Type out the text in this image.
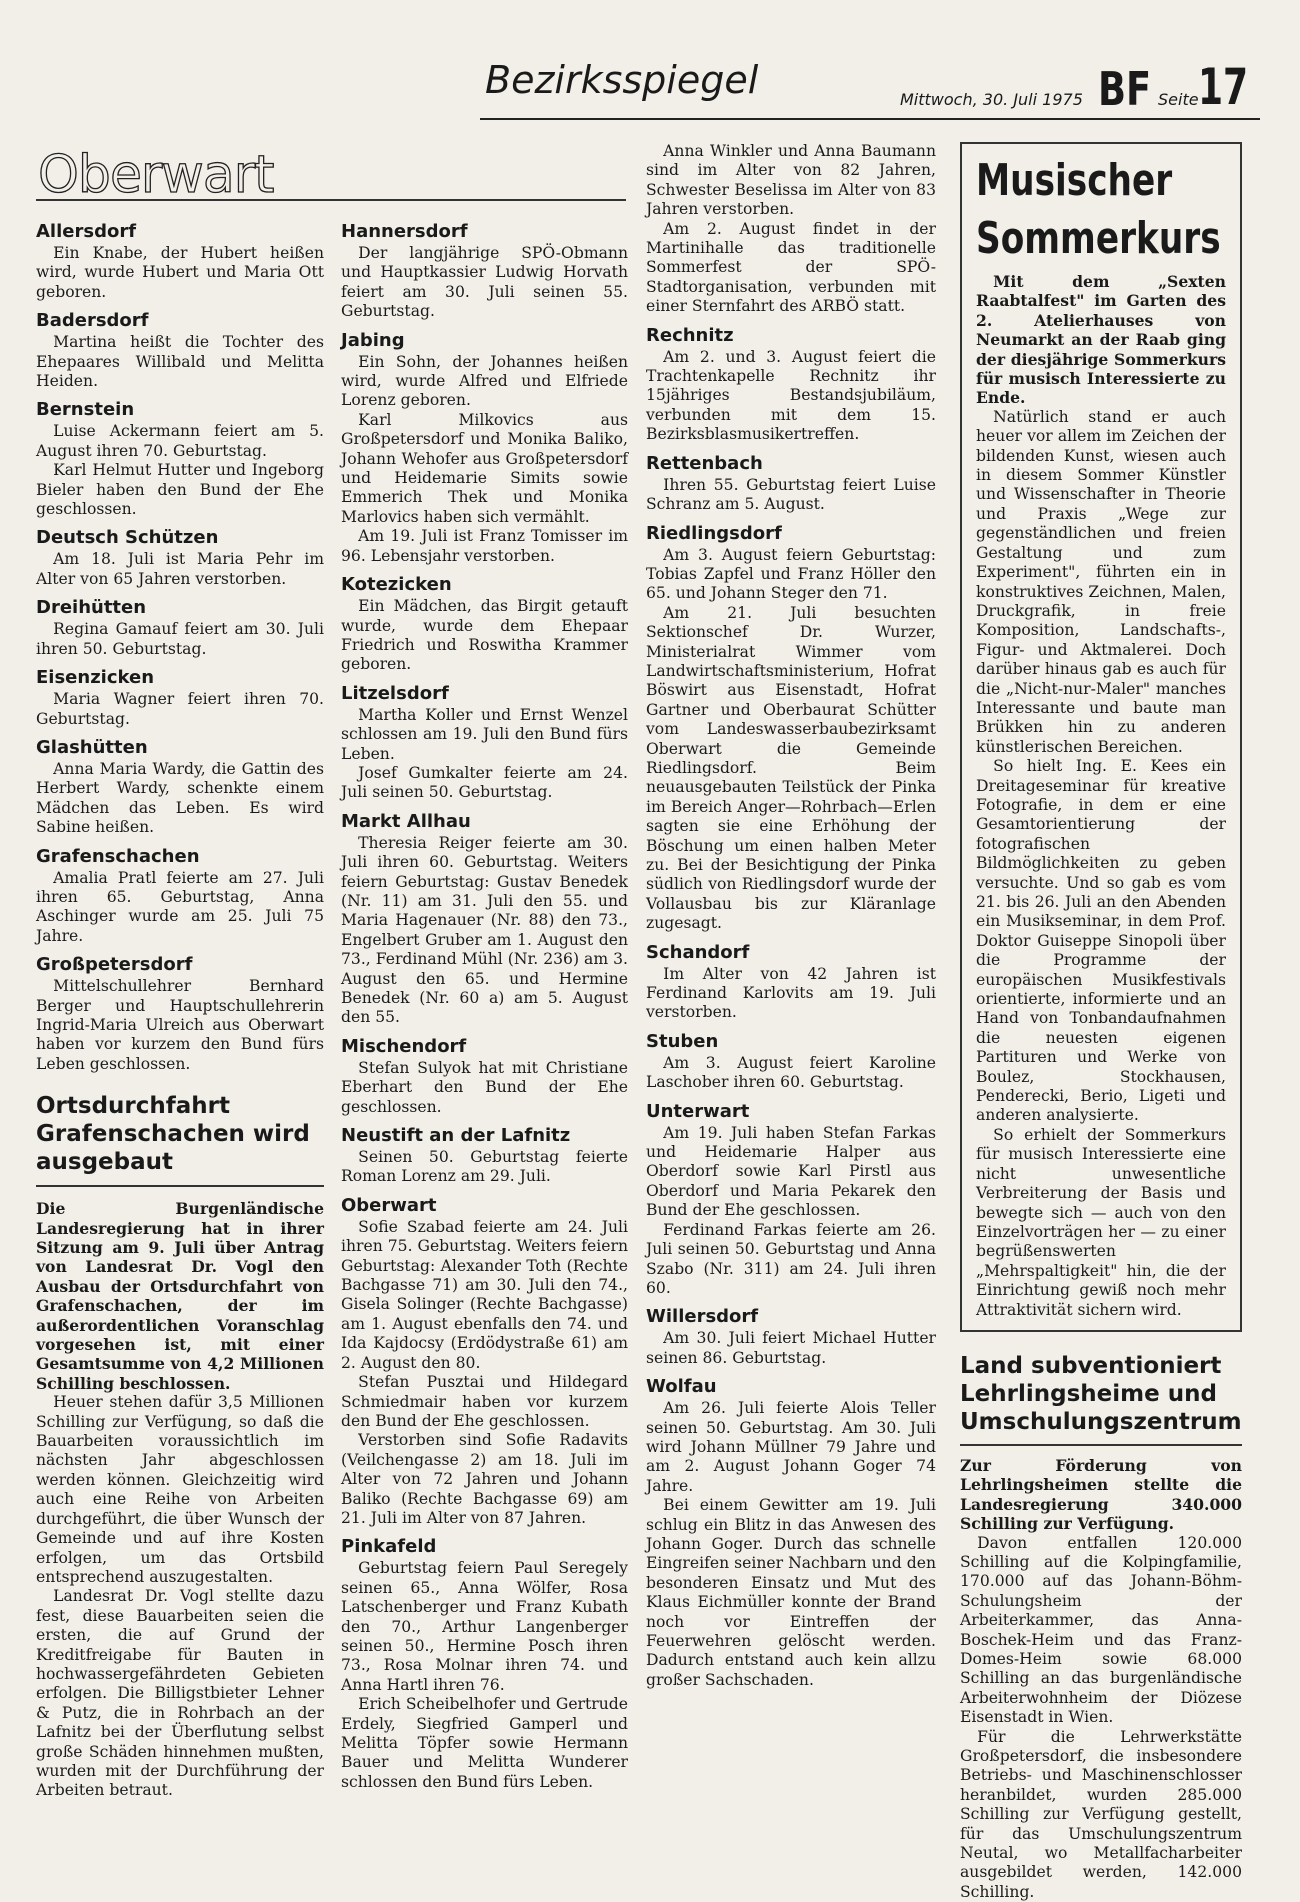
Bezirksspiegel	Mittwoch, 30. Juli 1975 BF Seite 17
Oberwart
Allersdorf

Ein Knabe, der Hubert heißen wird, wurde Hubert und Maria Ott geboren.

Badersdorf

Martina heißt die Tochter des Ehepaares Willibald und Melitta Heiden.

Bernstein

Luise Ackermann feiert am 5. August ihren 70. Geburtstag.

Karl Helmut Hutter und Ingeborg Bieler haben den Bund der Ehe geschlossen.

Deutsch Schützen

Am 18. Juli ist Maria Pehr im Alter von 65 Jahren verstorben.

Dreihütten

Regina Gamauf feiert am 30. Juli ihren 50. Geburtstag.

Eisenzicken

Maria Wagner feiert ihren 70. Geburtstag.

Glashütten

Anna Maria Wardy, die Gattin des Herbert Wardy, schenkte einem Mädchen das Leben. Es wird Sabine heißen.

Grafenschachen

Amalia Pratl feierte am 27. Juli ihren 65. Geburtstag, Anna Aschinger wurde am 25. Juli 75 Jahre.

Großpetersdorf

Mittelschullehrer Bernhard Berger und Hauptschullehrerin Ingrid-Maria Ulreich aus Oberwart haben vor kurzem den Bund fürs Leben geschlossen.

Ortsdurchfahrt Grafenschachen wird ausgebaut

Die Burgenländische Landesregierung hat in ihrer Sitzung am 9. Juli über Antrag von Landesrat Dr. Vogl den Ausbau der Ortsdurchfahrt von Grafenschachen, der im außerordentlichen Voranschlag vorgesehen ist, mit einer Gesamtsumme von 4,2 Millionen Schilling beschlossen.

Heuer stehen dafür 3,5 Millionen Schilling zur Verfügung, so daß die Bauarbeiten voraussichtlich im nächsten Jahr abgeschlossen werden können. Gleichzeitig wird auch eine Reihe von Arbeiten durchgeführt, die über Wunsch der Gemeinde und auf ihre Kosten erfolgen, um das Ortsbild entsprechend auszugestalten.

Landesrat Dr. Vogl stellte dazu fest, diese Bauarbeiten seien die ersten, die auf Grund der Kreditfreigabe für Bauten in hochwassergefährdeten Gebieten erfolgen. Die Billigstbieter Lehner & Putz, die in Rohrbach an der Lafnitz bei der Überflutung selbst große Schäden hinnehmen mußten, wurden mit der Durchführung der Arbeiten betraut.

Hannersdorf

Der langjährige SPÖ-Obmann und Hauptkassier Ludwig Horvath feiert am 30. Juli seinen 55. Geburtstag.

Jabing

Ein Sohn, der Johannes heißen wird, wurde Alfred und Elfriede Lorenz geboren.

Karl Milkovics aus Großpetersdorf und Monika Baliko, Johann Wehofer aus Großpetersdorf und Heidemarie Simits sowie Emmerich Thek und Monika Marlovics haben sich vermählt.

Am 19. Juli ist Franz Tomisser im 96. Lebensjahr verstorben.

Kotezicken

Ein Mädchen, das Birgit getauft wurde, wurde dem Ehepaar Friedrich und Roswitha Krammer geboren.

Litzelsdorf

Martha Koller und Ernst Wenzel schlossen am 19. Juli den Bund fürs Leben.

Josef Gumkalter feierte am 24. Juli seinen 50. Geburtstag.

Markt Allhau

Theresia Reiger feierte am 30. Juli ihren 60. Geburtstag. Weiters feiern Geburtstag: Gustav Benedek (Nr. 11) am 31. Juli den 55. und Maria Hagenauer (Nr. 88) den 73., Engelbert Gruber am 1. August den 73., Ferdinand Mühl (Nr. 236) am 3. August den 65. und Hermine Benedek (Nr. 60 a) am 5. August den 55.

Mischendorf

Stefan Sulyok hat mit Christiane Eberhart den Bund der Ehe geschlossen.

Neustift an der Lafnitz

Seinen 50. Geburtstag feierte Roman Lorenz am 29. Juli.

Oberwart

Sofie Szabad feierte am 24. Juli ihren 75. Geburtstag. Weiters feiern Geburtstag: Alexander Toth (Rechte Bachgasse 71) am 30. Juli den 74., Gisela Solinger (Rechte Bachgasse) am 1. August ebenfalls den 74. und Ida Kajdocsy (Erdödystraße 61) am 2. August den 80.

Stefan Pusztai und Hildegard Schmiedmair haben vor kurzem den Bund der Ehe geschlossen.

Verstorben sind Sofie Radavits (Veilchengasse 2) am 18. Juli im Alter von 72 Jahren und Johann Baliko (Rechte Bachgasse 69) am 21. Juli im Alter von 87 Jahren.

Pinkafeld

Geburtstag feiern Paul Seregely seinen 65., Anna Wölfer, Rosa Latschenberger und Franz Kubath den 70., Arthur Langenberger seinen 50., Hermine Posch ihren 73., Rosa Molnar ihren 74. und Anna Hartl ihren 76.

Erich Scheibelhofer und Gertrude Erdely, Siegfried Gamperl und Melitta Töpfer sowie Hermann Bauer und Melitta Wunderer schlossen den Bund fürs Leben.

Anna Winkler und Anna Baumann sind im Alter von 82 Jahren, Schwester Beselissa im Alter von 83 Jahren verstorben.

Am 2. August findet in der Martinihalle das traditionelle Sommerfest der SPÖ-Stadtorganisation, verbunden mit einer Sternfahrt des ARBÖ statt.

Rechnitz

Am 2. und 3. August feiert die Trachtenkapelle Rechnitz ihr 15jähriges Bestandsjubiläum, verbunden mit dem 15. Bezirksblasmusikertreffen.

Rettenbach

Ihren 55. Geburtstag feiert Luise Schranz am 5. August.

Riedlingsdorf

Am 3. August feiern Geburtstag: Tobias Zapfel und Franz Höller den 65. und Johann Steger den 71.

Am 21. Juli besuchten Sektionschef Dr. Wurzer, Ministerialrat Wimmer vom Landwirtschaftsministerium, Hofrat Böswirt aus Eisenstadt, Hofrat Gartner und Oberbaurat Schütter vom Landeswasserbaubezirksamt Oberwart die Gemeinde Riedlingsdorf. Beim neuausgebauten Teilstück der Pinka im Bereich Anger—Rohrbach—Erlen sagten sie eine Erhöhung der Böschung um einen halben Meter zu. Bei der Besichtigung der Pinka südlich von Riedlingsdorf wurde der Vollausbau bis zur Kläranlage zugesagt.

Schandorf

Im Alter von 42 Jahren ist Ferdinand Karlovits am 19. Juli verstorben.

Stuben

Am 3. August feiert Karoline Laschober ihren 60. Geburtstag.

Unterwart

Am 19. Juli haben Stefan Farkas und Heidemarie Halper aus Oberdorf sowie Karl Pirstl aus Oberdorf und Maria Pekarek den Bund der Ehe geschlossen.

Ferdinand Farkas feierte am 26. Juli seinen 50. Geburtstag und Anna Szabo (Nr. 311) am 24. Juli ihren 60.

Willersdorf

Am 30. Juli feiert Michael Hutter seinen 86. Geburtstag.

Wolfau

Am 26. Juli feierte Alois Teller seinen 50. Geburtstag. Am 30. Juli wird Johann Müllner 79 Jahre und am 2. August Johann Goger 74 Jahre.

Bei einem Gewitter am 19. Juli schlug ein Blitz in das Anwesen des Johann Goger. Durch das schnelle Eingreifen seiner Nachbarn und den besonderen Einsatz und Mut des Klaus Eichmüller konnte der Brand noch vor Eintreffen der Feuerwehren gelöscht werden. Dadurch entstand auch kein allzu großer Sachschaden.

Musischer
Sommerkurs

Mit dem „Sexten Raabtalfest" im Garten des 2. Atelierhauses von Neumarkt an der Raab ging der diesjährige Sommerkurs für musisch Interessierte zu Ende.

Natürlich stand er auch heuer vor allem im Zeichen der bildenden Kunst, wiesen auch in diesem Sommer Künstler und Wissenschafter in Theorie und Praxis „Wege zur gegenständlichen und freien Gestaltung und zum Experiment", führten ein in konstruktives Zeichnen, Malen, Druckgrafik, in freie Komposition, Landschafts-, Figur- und Aktmalerei. Doch darüber hinaus gab es auch für die „Nicht-nur-Maler" manches Interessante und baute man Brükken hin zu anderen künstlerischen Bereichen.

So hielt Ing. E. Kees ein Dreitageseminar für kreative Fotografie, in dem er eine Gesamtorientierung der fotografischen Bildmöglichkeiten zu geben versuchte. Und so gab es vom 21. bis 26. Juli an den Abenden ein Musikseminar, in dem Prof. Doktor Guiseppe Sinopoli über die Programme der europäischen Musikfestivals orientierte, informierte und an Hand von Tonbandaufnahmen die neuesten eigenen Partituren und Werke von Boulez, Stockhausen, Penderecki, Berio, Ligeti und anderen analysierte.

So erhielt der Sommerkurs für musisch Interessierte eine nicht unwesentliche Verbreiterung der Basis und bewegte sich — auch von den Einzelvorträgen her — zu einer begrüßenswerten „Mehrspaltigkeit" hin, die der Einrichtung gewiß noch mehr Attraktivität sichern wird.

Land subventioniert Lehrlingsheime und Umschulungszentrum

Zur Förderung von Lehrlingsheimen stellte die Landesregierung 340.000 Schilling zur Verfügung.

Davon entfallen 120.000 Schilling auf die Kolpingfamilie, 170.000 auf das Johann-Böhm-Schulungsheim der Arbeiterkammer, das Anna-Boschek-Heim und das Franz-Domes-Heim sowie 68.000 Schilling an das burgenländische Arbeiterwohnheim der Diözese Eisenstadt in Wien.

Für die Lehrwerkstätte Großpetersdorf, die insbesondere Betriebs- und Maschinenschlosser heranbildet, wurden 285.000 Schilling zur Verfügung gestellt, für das Umschulungszentrum Neutal, wo Metallfacharbeiter ausgebildet werden, 142.000 Schilling.
